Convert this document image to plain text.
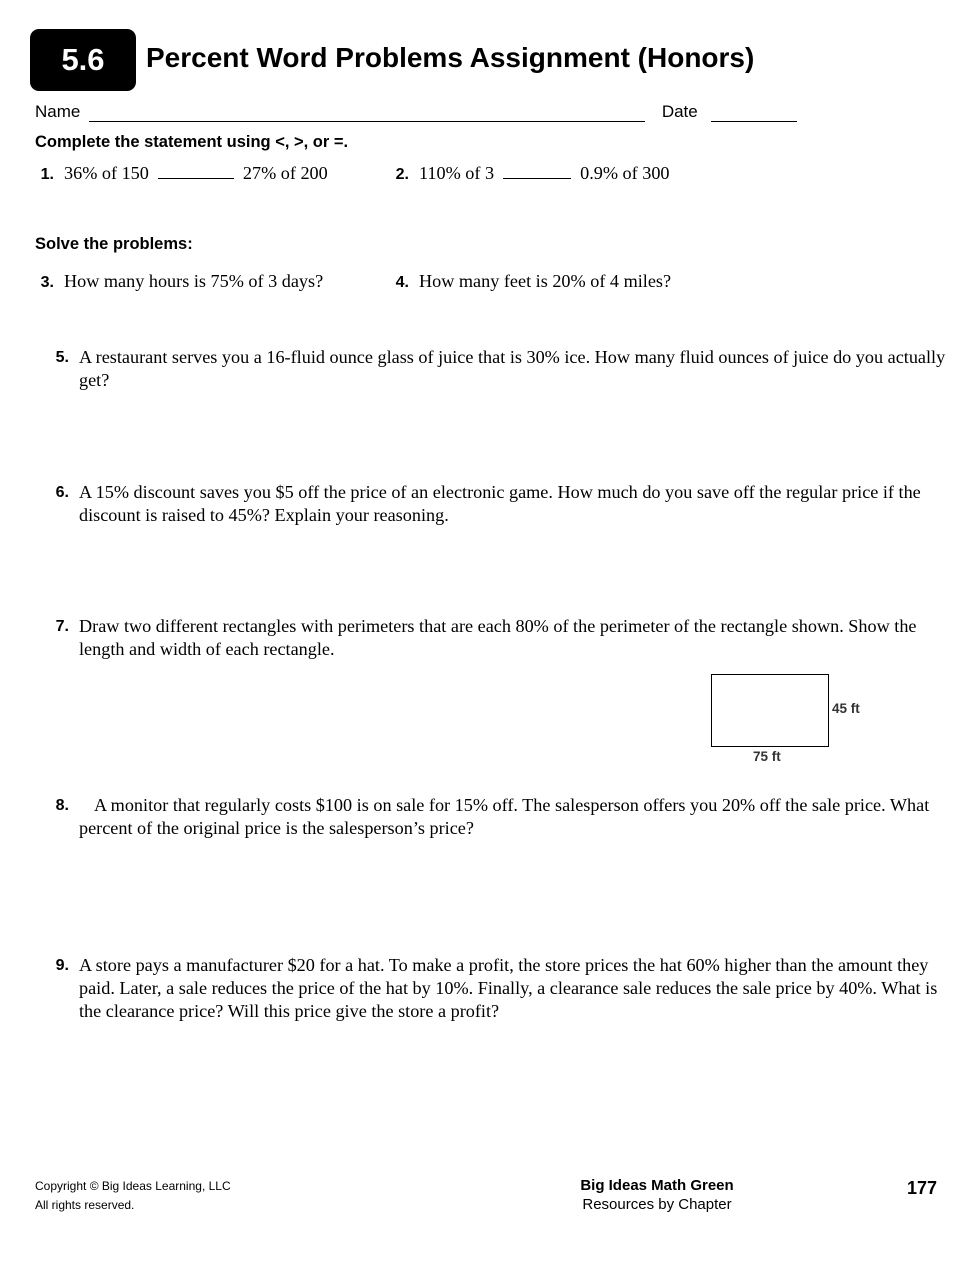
5.6 Percent Word Problems Assignment (Honors)
Name	Date
Complete the statement using <, >, or =.
1. 36% of 150	27% of 200	2. 110% of 3	0.9% of 300
Solve the problems:
3. How many hours is 75% of 3 days?	4. How many feet is 20% of 4 miles?
5. A restaurant serves you a 16-fluid ounce glass of juice that is 30% ice. How many fluid ounces of juice do you actually get?
6. A 15% discount saves you $5 off the price of an electronic game. How much do you save off the regular price if the discount is raised to 45%? Explain your reasoning.
7. Draw two different rectangles with perimeters that are each 80% of the perimeter of the rectangle shown. Show the length and width of each rectangle.
45 ft
75 ft
8.	A monitor that regularly costs $100 is on sale for 15% off. The salesperson offers you 20% off the sale price. What percent of the original price is the salesperson’s price?
9. A store pays a manufacturer $20 for a hat. To make a profit, the store prices the hat 60% higher than the amount they paid. Later, a sale reduces the price of the hat by 10%. Finally, a clearance sale reduces the sale price by 40%. What is the clearance price? Will this price give the store a profit?
Copyright © Big Ideas Learning, LLC
All rights reserved.
Big Ideas Math Green
Resources by Chapter
177
